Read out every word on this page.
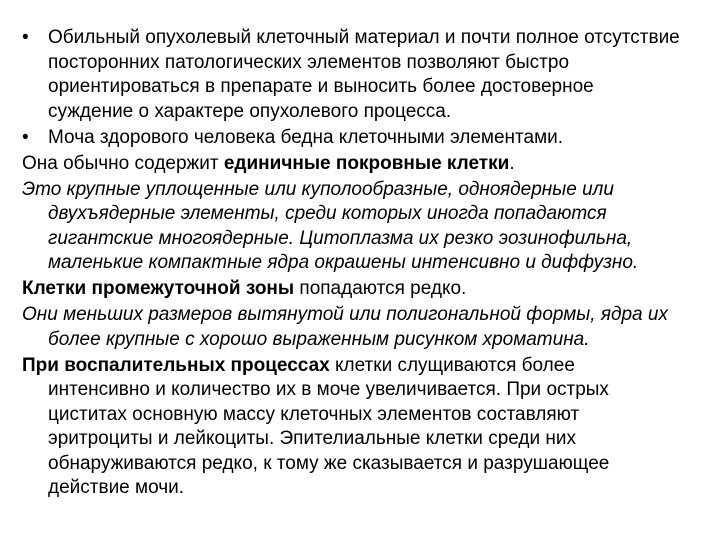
• Обильный опухолевый клеточный материал и почти полное отсутствие посторонних патологических элементов позволяют быстро ориентироваться в препарате и выносить более достоверное суждение о характере опухолевого процесса.

• Моча здорового человека бедна клеточными элементами.

Она обычно содержит единичные покровные клетки.

Это крупные уплощенные или куполообразные, одноядерные или двухъядерные элементы, среди которых иногда попадаются гигантские многоядерные. Цитоплазма их резко эозинофильна, маленькие компактные ядра окрашены интенсивно и диффузно.

Клетки промежуточной зоны попадаются редко.

Они меньших размеров вытянутой или полигональной формы, ядра их более крупные с хорошо выраженным рисунком хроматина.

При воспалительных процессах клетки слущиваются более интенсивно и количество их в моче увеличивается. При острых циститах основную массу клеточных элементов составляют эритроциты и лейкоциты. Эпителиальные клетки среди них обнаруживаются редко, к тому же сказывается и разрушающее действие мочи.
